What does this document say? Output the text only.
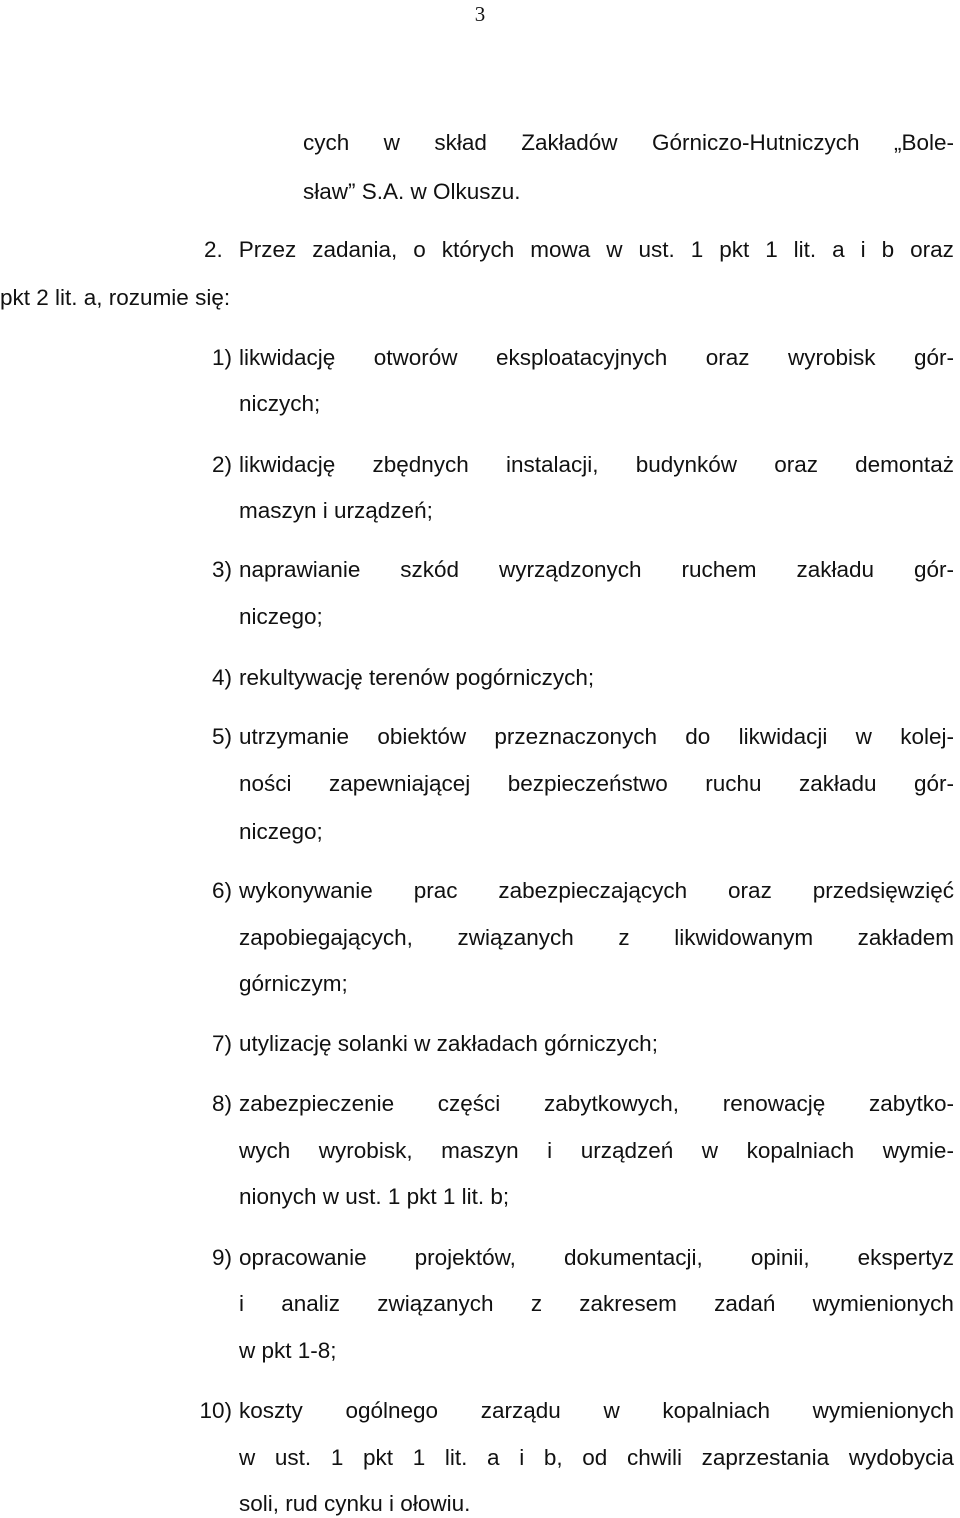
3
cych w skład Zakładów Górniczo-Hutniczych „Bole-
sław” S.A. w Olkuszu.
2. Przez zadania, o których mowa w ust. 1 pkt 1 lit. a i b oraz
pkt 2 lit. a, rozumie się:
1) likwidację otworów eksploatacyjnych oraz wyrobisk gór-
niczych;
2) likwidację zbędnych instalacji, budynków oraz demontaż
maszyn i urządzeń;
3) naprawianie szkód wyrządzonych ruchem zakładu gór-
niczego;
4) rekultywację terenów pogórniczych;
5) utrzymanie obiektów przeznaczonych do likwidacji w kolej-
ności zapewniającej bezpieczeństwo ruchu zakładu gór-
niczego;
6) wykonywanie prac zabezpieczających oraz przedsięwzięć
zapobiegających, związanych z likwidowanym zakładem
górniczym;
7) utylizację solanki w zakładach górniczych;
8) zabezpieczenie części zabytkowych, renowację zabytko-
wych wyrobisk, maszyn i urządzeń w kopalniach wymie-
nionych w ust. 1 pkt 1 lit. b;
9) opracowanie projektów, dokumentacji, opinii, ekspertyz
i analiz związanych z zakresem zadań wymienionych
w pkt 1-8;
10) koszty ogólnego zarządu w kopalniach wymienionych
w ust. 1 pkt 1 lit. a i b, od chwili zaprzestania wydobycia
soli, rud cynku i ołowiu.
